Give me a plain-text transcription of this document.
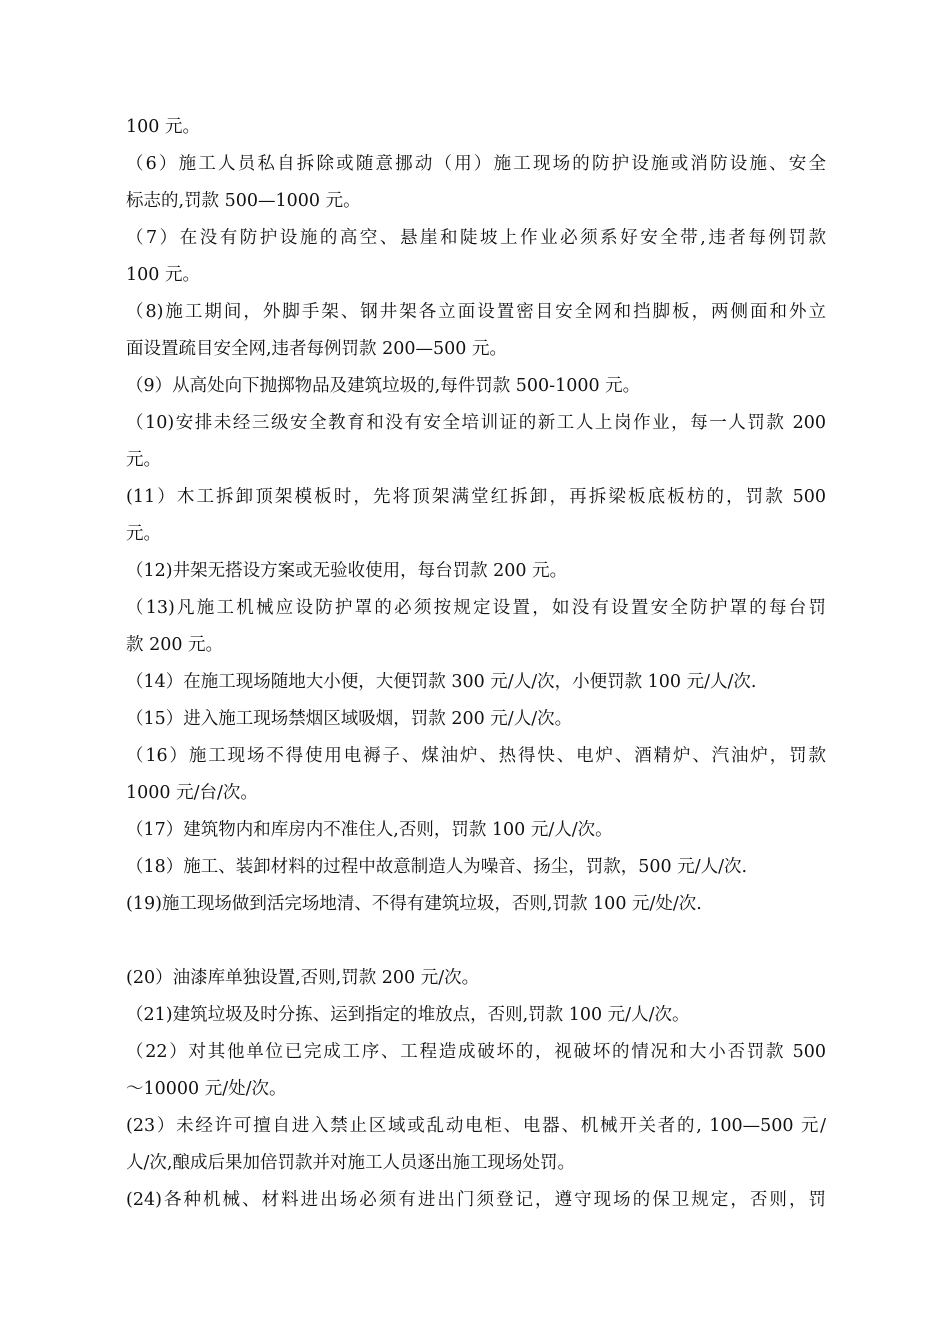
100 元。
（6）施工人员私自拆除或随意挪动（用）施工现场的防护设施或消防设施、安全
标志的,罚款 500—1000 元。
（7）在没有防护设施的高空、悬崖和陡坡上作业必须系好安全带,违者每例罚款
100 元。
（8)施工期间，外脚手架、钢井架各立面设置密目安全网和挡脚板，两侧面和外立
面设置疏目安全网,违者每例罚款 200—500 元。
（9）从高处向下抛掷物品及建筑垃圾的,每件罚款 500-1000 元。
（10)安排未经三级安全教育和没有安全培训证的新工人上岗作业，每一人罚款 200
元。
(11）木工拆卸顶架模板时，先将顶架满堂红拆卸，再拆梁板底板枋的，罚款 500
元。
（12)井架无搭设方案或无验收使用，每台罚款 200 元。
（13)凡施工机械应设防护罩的必须按规定设置，如没有设置安全防护罩的每台罚
款 200 元。
（14）在施工现场随地大小便，大便罚款 300 元/人/次，小便罚款 100 元/人/次.
（15）进入施工现场禁烟区域吸烟，罚款 200 元/人/次。
（16）施工现场不得使用电褥子、煤油炉、热得快、电炉、酒精炉、汽油炉，罚款
1000 元/台/次。
（17）建筑物内和库房内不准住人,否则，罚款 100 元/人/次。
（18）施工、装卸材料的过程中故意制造人为噪音、扬尘，罚款，500 元/人/次.
(19)施工现场做到活完场地清、不得有建筑垃圾，否则,罚款 100 元/处/次.
(20）油漆库单独设置,否则,罚款 200 元/次。
（21)建筑垃圾及时分拣、运到指定的堆放点，否则,罚款 100 元/人/次。
（22）对其他单位已完成工序、工程造成破坏的，视破坏的情况和大小否罚款 500
～10000 元/处/次。
(23）未经许可擅自进入禁止区域或乱动电柜、电器、机械开关者的, 100—500 元/
人/次,酿成后果加倍罚款并对施工人员逐出施工现场处罚。
(24)各种机械、材料进出场必须有进出门须登记，遵守现场的保卫规定，否则，罚
